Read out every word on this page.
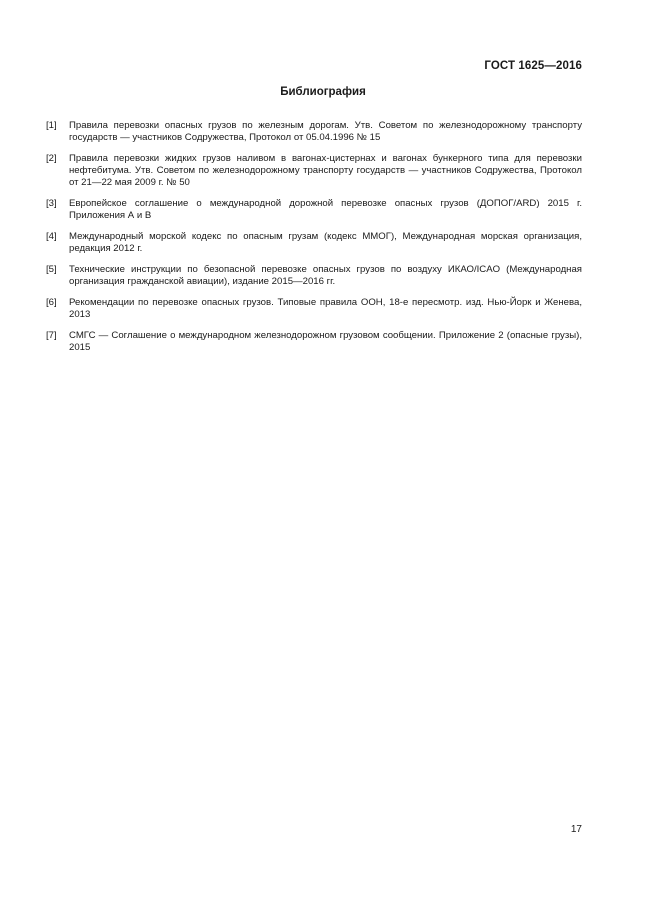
ГОСТ 1625—2016
Библиография
[1]	Правила перевозки опасных грузов по железным дорогам. Утв. Советом по железнодорожному транспорту государств — участников Содружества, Протокол от 05.04.1996 № 15
[2]	Правила перевозки жидких грузов наливом в вагонах-цистернах и вагонах бункерного типа для перевозки нефтебитума. Утв. Советом по железнодорожному транспорту государств — участников Содружества, Протокол от 21—22 мая 2009 г. № 50
[3]	Европейское соглашение о международной дорожной перевозке опасных грузов (ДОПОГ/ARD) 2015 г. Приложения А и В
[4]	Международный морской кодекс по опасным грузам (кодекс ММОГ), Международная морская организация, редакция 2012 г.
[5]	Технические инструкции по безопасной перевозке опасных грузов по воздуху ИКАО/ICAO (Международная организация гражданской авиации), издание 2015—2016 гг.
[6]	Рекомендации по перевозке опасных грузов. Типовые правила ООН, 18-е пересмотр. изд. Нью-Йорк и Женева, 2013
[7]	СМГС — Соглашение о международном железнодорожном грузовом сообщении. Приложение 2 (опасные грузы), 2015
17
